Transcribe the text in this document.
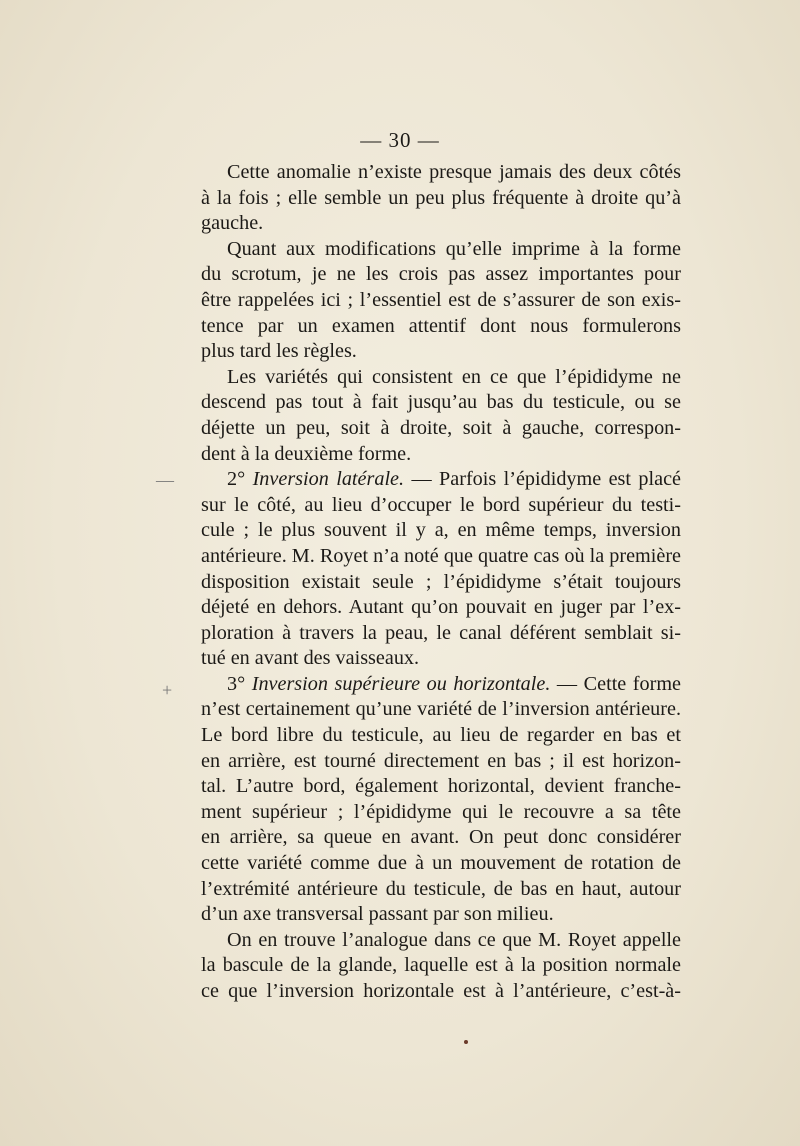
— 30 —
—
+
Cette anomalie n’existe presque jamais des deux côtés
à la fois ; elle semble un peu plus fréquente à droite qu’à
gauche.
Quant aux modifications qu’elle imprime à la forme
du scrotum, je ne les crois pas assez importantes pour
être rappelées ici ; l’essentiel est de s’assurer de son exis-
tence par un examen attentif dont nous formulerons
plus tard les règles.
Les variétés qui consistent en ce que l’épididyme ne
descend pas tout à fait jusqu’au bas du testicule, ou se
déjette un peu, soit à droite, soit à gauche, correspon-
dent à la deuxième forme.
2° Inversion latérale. — Parfois l’épididyme est placé
sur le côté, au lieu d’occuper le bord supérieur du testi-
cule ; le plus souvent il y a, en même temps, inversion
antérieure. M. Royet n’a noté que quatre cas où la première
disposition existait seule ; l’épididyme s’était toujours
déjeté en dehors. Autant qu’on pouvait en juger par l’ex-
ploration à travers la peau, le canal déférent semblait si-
tué en avant des vaisseaux.
3° Inversion supérieure ou horizontale. — Cette forme
n’est certainement qu’une variété de l’inversion antérieure.
Le bord libre du testicule, au lieu de regarder en bas et
en arrière, est tourné directement en bas ; il est horizon-
tal. L’autre bord, également horizontal, devient franche-
ment supérieur ; l’épididyme qui le recouvre a sa tête
en arrière, sa queue en avant. On peut donc considérer
cette variété comme due à un mouvement de rotation de
l’extrémité antérieure du testicule, de bas en haut, autour
d’un axe transversal passant par son milieu.
On en trouve l’analogue dans ce que M. Royet appelle
la bascule de la glande, laquelle est à la position normale
ce que l’inversion horizontale est à l’antérieure, c’est-à-
